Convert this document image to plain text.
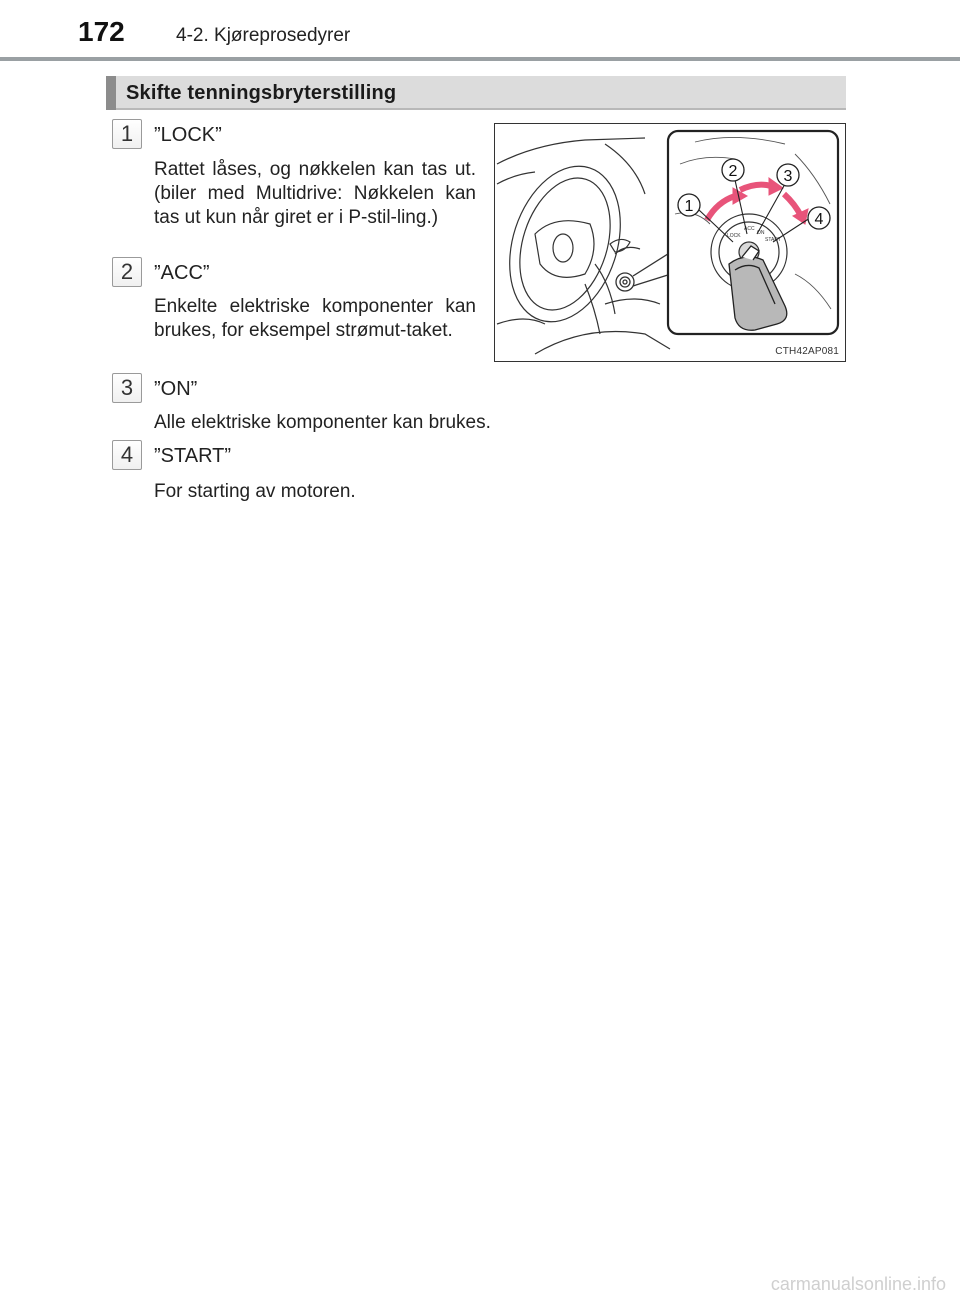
172	4-2. Kjøreprosedyrer
Skifte tenningsbryterstilling
1	”LOCK”
Rattet låses, og nøkkelen kan tas ut. (biler med Multidrive: Nøkkelen kan tas ut kun når giret er i P-stil-ling.)
2	”ACC”
Enkelte elektriske komponenter kan brukes, for eksempel strømut-taket.
3	”ON”
Alle elektriske komponenter kan brukes.
4	”START”
For starting av motoren.
LOCK
ACC
ON
START
1
2	3
4
CTH42AP081
carmanualsonline.info
